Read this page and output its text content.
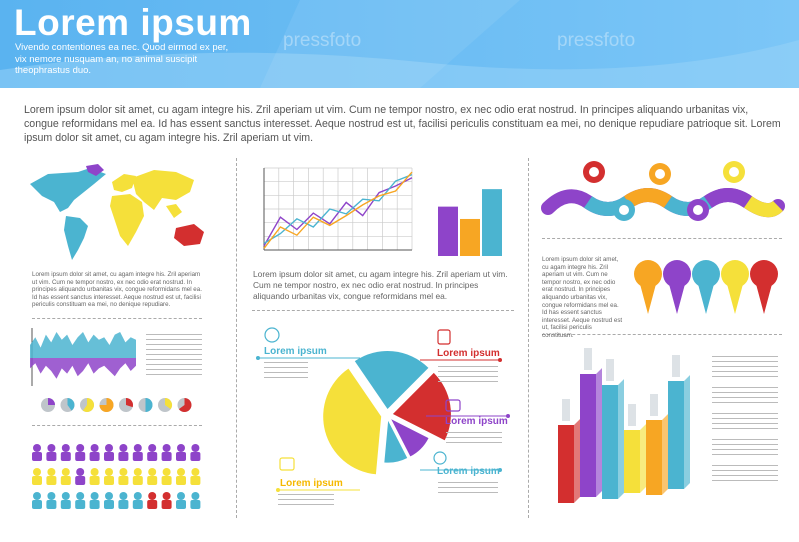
Lorem ipsum
Vivendo contentiones ea nec. Quod eirmod ex per, vix nemore nusquam an, no animal suscipit theophrastus duo.
pressfoto	pressfoto
Lorem ipsum dolor sit amet, cu agam integre his. Zril aperiam ut vim. Cum ne tempor nostro, ex nec odio erat nostrud. In principes aliquando urbanitas vix, congue reformidans mel ea. Id has essent sanctus interesset. Aeque nostrud est ut, facilisi periculis constituam ea mei, no denique repudiare patrioque sit. Lorem ipsum dolor sit amet, cu agam integre his. Zril aperiam ut vim.
Lorem ipsum dolor sit amet, cu agam integre his. Zril aperiam ut vim. Cum ne tempor nostro, ex nec odio erat nostrud. In principes aliquando urbanitas vix, congue reformidans mel ea. Id has essent sanctus interesset. Aeque nostrud est ut, facilisi periculis constituam ea mei, no denique repudiare.
Lorem ipsum dolor sit amet, cu agam integre his. Zril aperiam ut vim. Cum ne tempor nostro, ex nec odio erat nostrud. In principes aliquando urbanitas vix, congue reformidans mel ea.
Lorem ipsum	Lorem ipsum
Lorem ipsum
Lorem ipsum
Lorem ipsum
Lorem ipsum dolor sit amet, cu agam integre his. Zril aperiam ut vim. Cum ne tempor nostro, ex nec odio erat nostrud. In principes aliquando urbanitas vix, congue reformidans mel ea. Id has essent sanctus interesset. Aeque nostrud est ut, facilisi periculis constituam.
